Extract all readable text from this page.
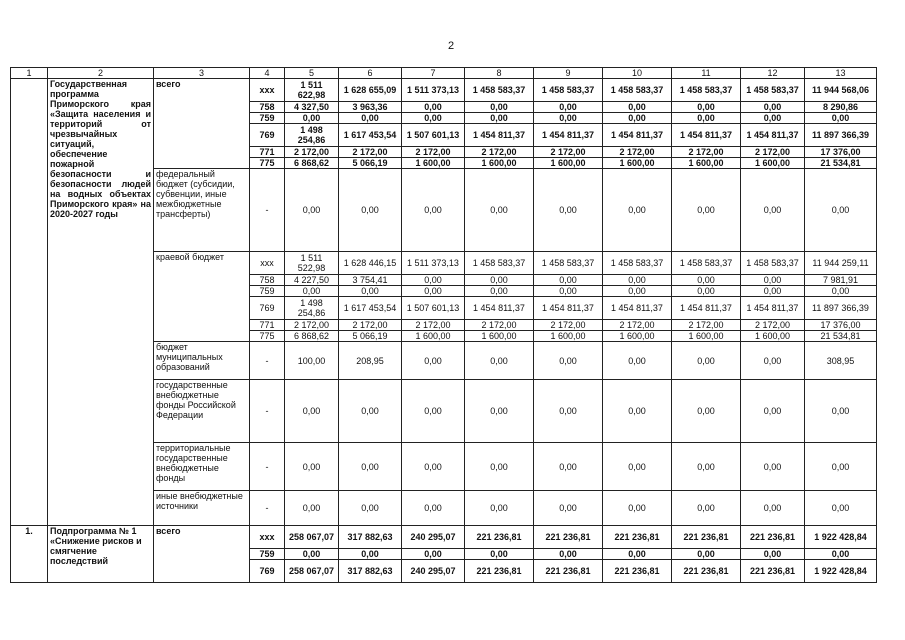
2
1	2	3	4	5	6	7	8	9	10	11	12	13
	Государственная программа Приморского края «Защита населения и территорий от чрезвычайных ситуаций, обеспечение пожарной безопасности и безопасности людей на водных объектах Приморского края» на 2020-2027 годы	всего	ххх	1 511 622,98	1 628 655,09	1 511 373,13	1 458 583,37	1 458 583,37	1 458 583,37	1 458 583,37	1 458 583,37	11 944 568,06
			758	4 327,50	3 963,36	0,00	0,00	0,00	0,00	0,00	0,00	8 290,86
			759	0,00	0,00	0,00	0,00	0,00	0,00	0,00	0,00	0,00
			769	1 498 254,86	1 617 453,54	1 507 601,13	1 454 811,37	1 454 811,37	1 454 811,37	1 454 811,37	1 454 811,37	11 897 366,39
			771	2 172,00	2 172,00	2 172,00	2 172,00	2 172,00	2 172,00	2 172,00	2 172,00	17 376,00
			775	6 868,62	5 066,19	1 600,00	1 600,00	1 600,00	1 600,00	1 600,00	1 600,00	21 534,81
		федеральный бюджет (субсидии, субвенции, иные межбюджетные трансферты)	-	0,00	0,00	0,00	0,00	0,00	0,00	0,00	0,00	0,00
		краевой бюджет	ххх	1 511 522,98	1 628 446,15	1 511 373,13	1 458 583,37	1 458 583,37	1 458 583,37	1 458 583,37	1 458 583,37	11 944 259,11
			758	4 227,50	3 754,41	0,00	0,00	0,00	0,00	0,00	0,00	7 981,91
			759	0,00	0,00	0,00	0,00	0,00	0,00	0,00	0,00	0,00
			769	1 498 254,86	1 617 453,54	1 507 601,13	1 454 811,37	1 454 811,37	1 454 811,37	1 454 811,37	1 454 811,37	11 897 366,39
			771	2 172,00	2 172,00	2 172,00	2 172,00	2 172,00	2 172,00	2 172,00	2 172,00	17 376,00
			775	6 868,62	5 066,19	1 600,00	1 600,00	1 600,00	1 600,00	1 600,00	1 600,00	21 534,81
		бюджет муниципальных образований	-	100,00	208,95	0,00	0,00	0,00	0,00	0,00	0,00	308,95
		государственные внебюджетные фонды Российской Федерации	-	0,00	0,00	0,00	0,00	0,00	0,00	0,00	0,00	0,00
		территориальные государственные внебюджетные фонды	-	0,00	0,00	0,00	0,00	0,00	0,00	0,00	0,00	0,00
		иные внебюджетные источники	-	0,00	0,00	0,00	0,00	0,00	0,00	0,00	0,00	0,00
1.	Подпрограмма № 1 «Снижение рисков и смягчение последствий	всего	ххх	258 067,07	317 882,63	240 295,07	221 236,81	221 236,81	221 236,81	221 236,81	221 236,81	1 922 428,84
			759	0,00	0,00	0,00	0,00	0,00	0,00	0,00	0,00	0,00
			769	258 067,07	317 882,63	240 295,07	221 236,81	221 236,81	221 236,81	221 236,81	221 236,81	1 922 428,84
